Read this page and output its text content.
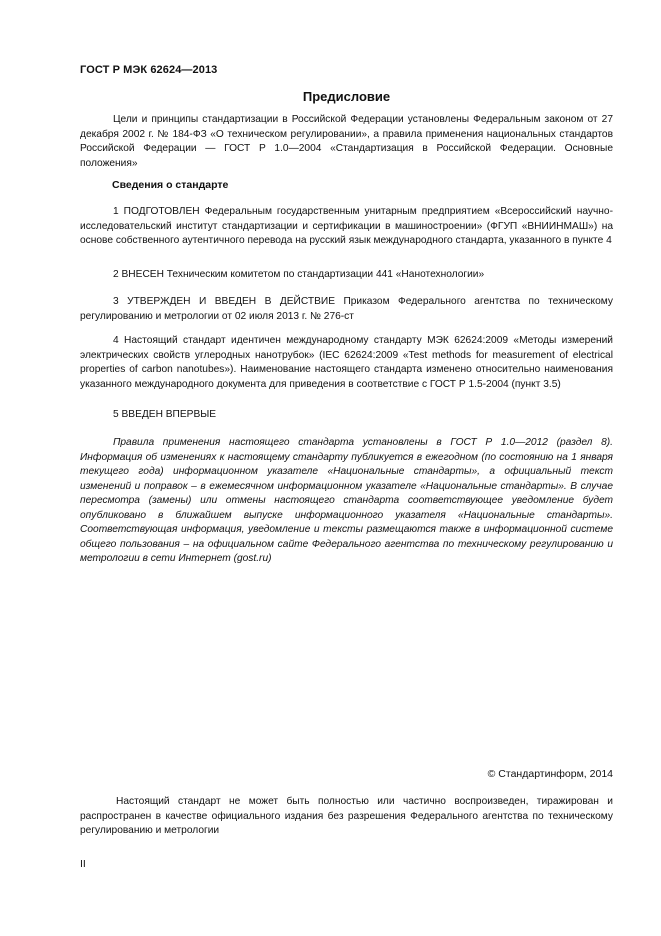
ГОСТ Р МЭК 62624—2013
Предисловие

Цели и принципы стандартизации в Российской Федерации установлены Федеральным законом от 27 декабря 2002 г. № 184-ФЗ «О техническом регулировании», а правила применения национальных стандартов Российской Федерации — ГОСТ Р 1.0—2004 «Стандартизация в Российской Федерации. Основные положения»

Сведения о стандарте

1 ПОДГОТОВЛЕН Федеральным государственным унитарным предприятием «Всероссийский научно-исследовательский институт стандартизации и сертификации в машиностроении» (ФГУП «ВНИИНМАШ») на основе собственного аутентичного перевода на русский язык международного стандарта, указанного в пункте 4

2 ВНЕСЕН Техническим комитетом по стандартизации 441 «Нанотехнологии»

3 УТВЕРЖДЕН И ВВЕДЕН В ДЕЙСТВИЕ Приказом Федерального агентства по техническому регулированию и метрологии от 02 июля 2013 г. № 276-ст

4 Настоящий стандарт идентичен международному стандарту МЭК 62624:2009 «Методы измерений электрических свойств углеродных нанотрубок» (IEC 62624:2009 «Test methods for measurement of electrical properties of carbon nanotubes»). Наименование настоящего стандарта изменено относительно наименования указанного международного документа для приведения в соответствие с ГОСТ Р 1.5-2004 (пункт 3.5)

5 ВВЕДЕН ВПЕРВЫЕ

Правила применения настоящего стандарта установлены в ГОСТ Р 1.0—2012 (раздел 8). Информация об изменениях к настоящему стандарту публикуется в ежегодном (по состоянию на 1 января текущего года) информационном указателе «Национальные стандарты», а официальный текст изменений и поправок – в ежемесячном информационном указателе «Национальные стандарты». В случае пересмотра (замены) или отмены настоящего стандарта соответствующее уведомление будет опубликовано в ближайшем выпуске информационного указателя «Национальные стандарты». Соответствующая информация, уведомление и тексты размещаются также в информационной системе общего пользования – на официальном сайте Федерального агентства по техническому регулированию и метрологии в сети Интернет (gost.ru)

© Стандартинформ, 2014

Настоящий стандарт не может быть полностью или частично воспроизведен, тиражирован и распространен в качестве официального издания без разрешения Федерального агентства по техническому регулированию и метрологии

II
